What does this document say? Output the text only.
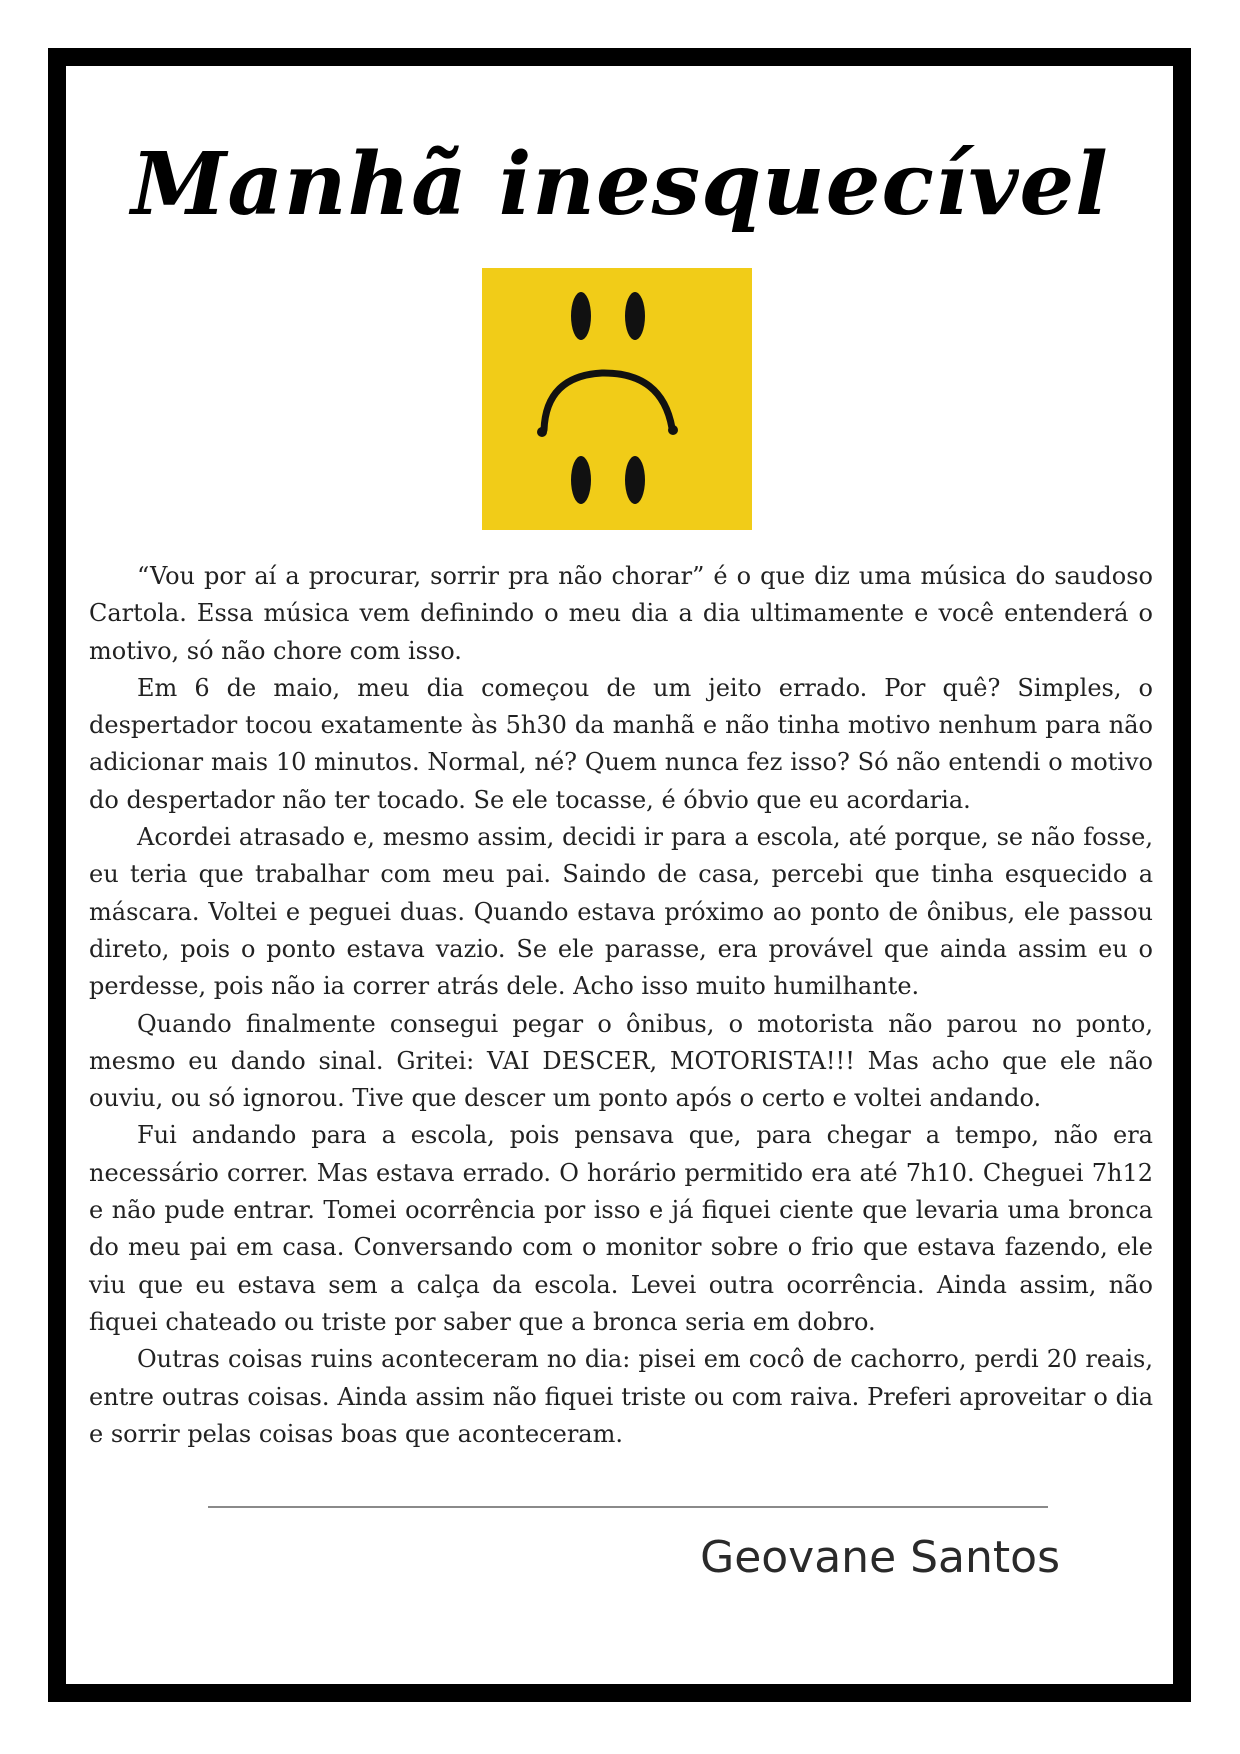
Manhã inesquecível

“Vou por aí a procurar, sorrir pra não chorar” é o que diz uma música do saudoso Cartola. Essa música vem definindo o meu dia a dia ultimamente e você entenderá o motivo, só não chore com isso.

Em 6 de maio, meu dia começou de um jeito errado. Por quê? Simples, o despertador tocou exatamente às 5h30 da manhã e não tinha motivo nenhum para não adicionar mais 10 minutos. Normal, né? Quem nunca fez isso? Só não entendi o motivo do despertador não ter tocado. Se ele tocasse, é óbvio que eu acordaria.

Acordei atrasado e, mesmo assim, decidi ir para a escola, até porque, se não fosse, eu teria que trabalhar com meu pai. Saindo de casa, percebi que tinha esquecido a máscara. Voltei e peguei duas. Quando estava próximo ao ponto de ônibus, ele passou direto, pois o ponto estava vazio. Se ele parasse, era provável que ainda assim eu o perdesse, pois não ia correr atrás dele. Acho isso muito humilhante.

Quando finalmente consegui pegar o ônibus, o motorista não parou no ponto, mesmo eu dando sinal. Gritei: VAI DESCER, MOTORISTA!!! Mas acho que ele não ouviu, ou só ignorou. Tive que descer um ponto após o certo e voltei andando.

Fui andando para a escola, pois pensava que, para chegar a tempo, não era necessário correr. Mas estava errado. O horário permitido era até 7h10. Cheguei 7h12 e não pude entrar. Tomei ocorrência por isso e já fiquei ciente que levaria uma bronca do meu pai em casa. Conversando com o monitor sobre o frio que estava fazendo, ele viu que eu estava sem a calça da escola. Levei outra ocorrência. Ainda assim, não fiquei chateado ou triste por saber que a bronca seria em dobro.

Outras coisas ruins aconteceram no dia: pisei em cocô de cachorro, perdi 20 reais, entre outras coisas. Ainda assim não fiquei triste ou com raiva. Preferi aproveitar o dia e sorrir pelas coisas boas que aconteceram.

Geovane Santos
